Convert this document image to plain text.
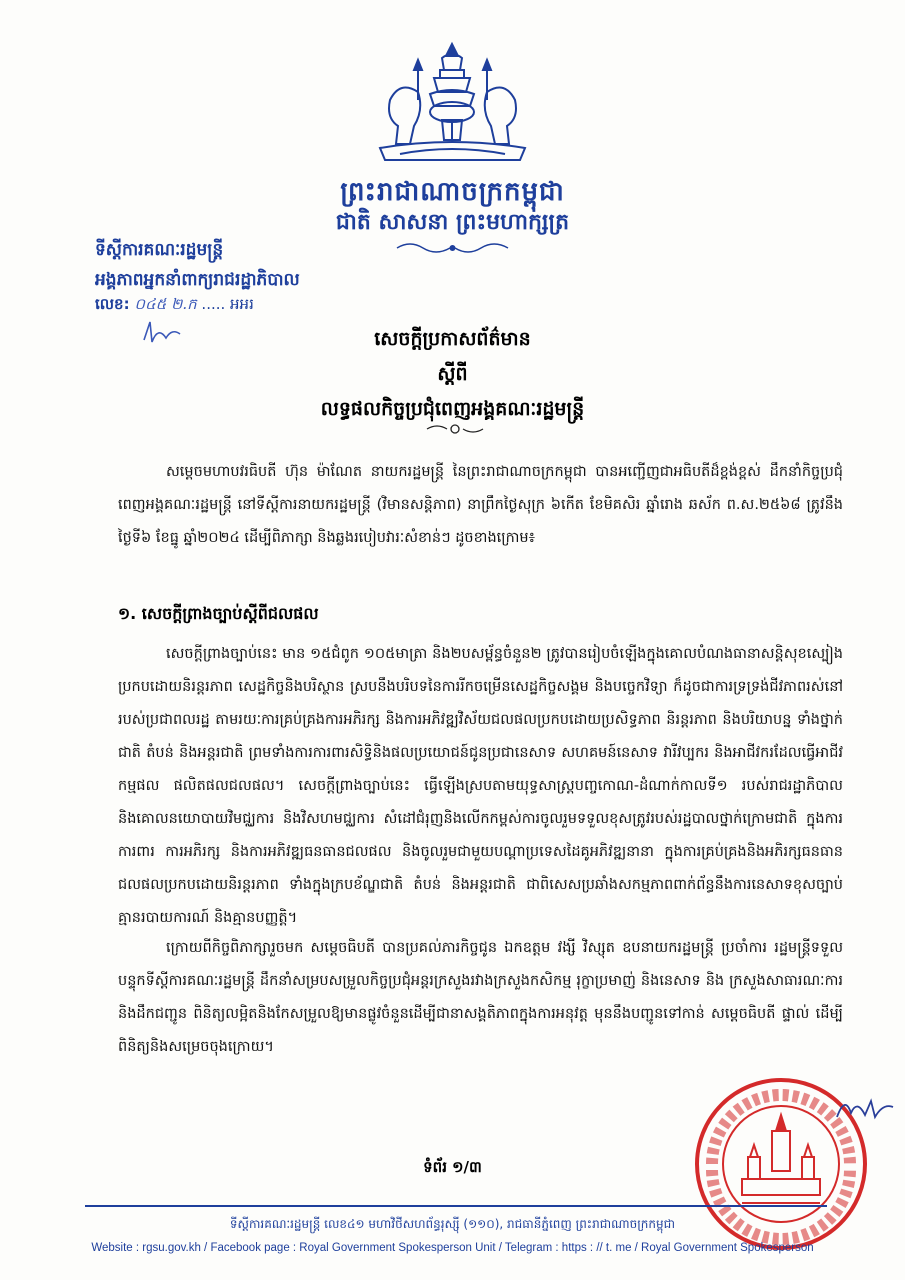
ព្រះរាជាណាចក្រកម្ពុជា
ជាតិ សាសនា ព្រះមហាក្សត្រ
ទីស្តីការគណៈរដ្ឋមន្ត្រី
អង្គភាពអ្នកនាំពាក្យរាជរដ្ឋាភិបាល
លេខ: ០៤៥ ២.ក ..... អអរ
សេចក្តីប្រកាសព័ត៌មាន
ស្តីពី
លទ្ធផលកិច្ចប្រជុំពេញអង្គគណៈរដ្ឋមន្ត្រី
សម្តេចមហាបវរធិបតី ហ៊ុន ម៉ាណែត នាយករដ្ឋមន្ត្រី នៃព្រះរាជាណាចក្រកម្ពុជា បានអញ្ជើញជាអធិបតីដ៏ខ្ពង់ខ្ពស់ ដឹកនាំកិច្ចប្រជុំពេញអង្គគណៈរដ្ឋមន្ត្រី នៅទីស្តីការនាយករដ្ឋមន្ត្រី (វិមានសន្តិភាព) នាព្រឹកថ្ងៃសុក្រ ៦កើត ខែមិគសិរ ឆ្នាំរោង ឆស័ក ព.ស.២៥៦៨ ត្រូវនឹងថ្ងៃទី៦ ខែធ្នូ ឆ្នាំ២០២៤ ដើម្បីពិភាក្សា និងឆ្លងរបៀបវារៈសំខាន់ៗ ដូចខាងក្រោម៖
១. សេចក្តីព្រាងច្បាប់ស្តីពីជលផល
សេចក្តីព្រាងច្បាប់នេះ មាន ១៥ជំពូក ១០៥មាត្រា និង២បសម្ព័ន្ធចំនួន២ ត្រូវបានរៀបចំឡើងក្នុងគោលបំណងធានាសន្តិសុខស្បៀងប្រកបដោយនិរន្តរភាព សេដ្ឋកិច្ចនិងបរិស្ថាន ស្របនឹងបរិបទនៃការរីកចម្រើនសេដ្ឋកិច្ចសង្គម និងបច្ចេកវិទ្យា ក៏ដូចជាការទ្រទ្រង់ជីវភាពរស់នៅរបស់ប្រជាពលរដ្ឋ តាមរយៈការគ្រប់គ្រងការអភិរក្ស និងការអភិវឌ្ឍវិស័យជលផលប្រកបដោយប្រសិទ្ធភាព និរន្តរភាព និងបរិយាបន្ន ទាំងថ្នាក់ជាតិ តំបន់ និងអន្តរជាតិ ព្រមទាំងការការពារសិទ្ធិនិងផលប្រយោជន៍ជូនប្រជានេសាទ សហគមន៍នេសាទ វារីវប្បករ និងអាជីវករដែលធ្វើអាជីវកម្មផល ផលិតផលជលផល។ សេចក្តីព្រាងច្បាប់នេះ ធ្វើឡើងស្របតាមយុទ្ធសាស្ត្របញ្ចកោណ-ដំណាក់កាលទី១ របស់រាជរដ្ឋាភិបាល និងគោលនយោបាយវិមជ្ឈការ និងវិសហមជ្ឈការ សំដៅជំរុញនិងលើកកម្ពស់ការចូលរួមទទួលខុសត្រូវរបស់រដ្ឋបាលថ្នាក់ក្រោមជាតិ ក្នុងការការពារ ការអភិរក្ស និងការអភិវឌ្ឍធនធានជលផល និងចូលរួមជាមួយបណ្តាប្រទេសដៃគូអភិវឌ្ឍនានា ក្នុងការគ្រប់គ្រងនិងអភិរក្សធនធានជលផលប្រកបដោយនិរន្តរភាព ទាំងក្នុងក្របខ័ណ្ឌជាតិ តំបន់ និងអន្តរជាតិ ជាពិសេសប្រឆាំងសកម្មភាពពាក់ព័ន្ធនឹងការនេសាទខុសច្បាប់ គ្មានរបាយការណ៍ និងគ្មានបញ្ញត្តិ។
ក្រោយពីកិច្ចពិភាក្សារួចមក សម្តេចធិបតី បានប្រគល់ភារកិច្ចជូន ឯកឧត្តម វង្សី វិស្សុត ឧបនាយករដ្ឋមន្ត្រី ប្រចាំការ រដ្ឋមន្ត្រីទទួលបន្ទុកទីស្តីការគណៈរដ្ឋមន្ត្រី ដឹកនាំសម្របសម្រួលកិច្ចប្រជុំអន្តរក្រសួងរវាងក្រសួងកសិកម្ម រុក្ខាប្រមាញ់ និងនេសាទ និង ក្រសួងសាធារណៈការនិងដឹកជញ្ជូន ពិនិត្យលម្អិតនិងកែសម្រួលឱ្យមានផ្លូវចំនួនដើម្បីជានាសង្គតិភាពក្នុងការអនុវត្ត មុននឹងបញ្ជូនទៅកាន់ សម្តេចធិបតី ផ្ទាល់ ដើម្បីពិនិត្យនិងសម្រេចចុងក្រោយ។
ទំព័រ ១/៣
ទីស្តីការគណៈរដ្ឋមន្ត្រី លេខ៤១ មហាវិថីសហព័ន្ធរុស្ស៊ី (១១០), រាជធានីភ្នំពេញ ព្រះរាជាណាចក្រកម្ពុជា
Website : rgsu.gov.kh / Facebook page : Royal Government Spokesperson Unit / Telegram : https : // t. me / Royal Government Spokesperson
